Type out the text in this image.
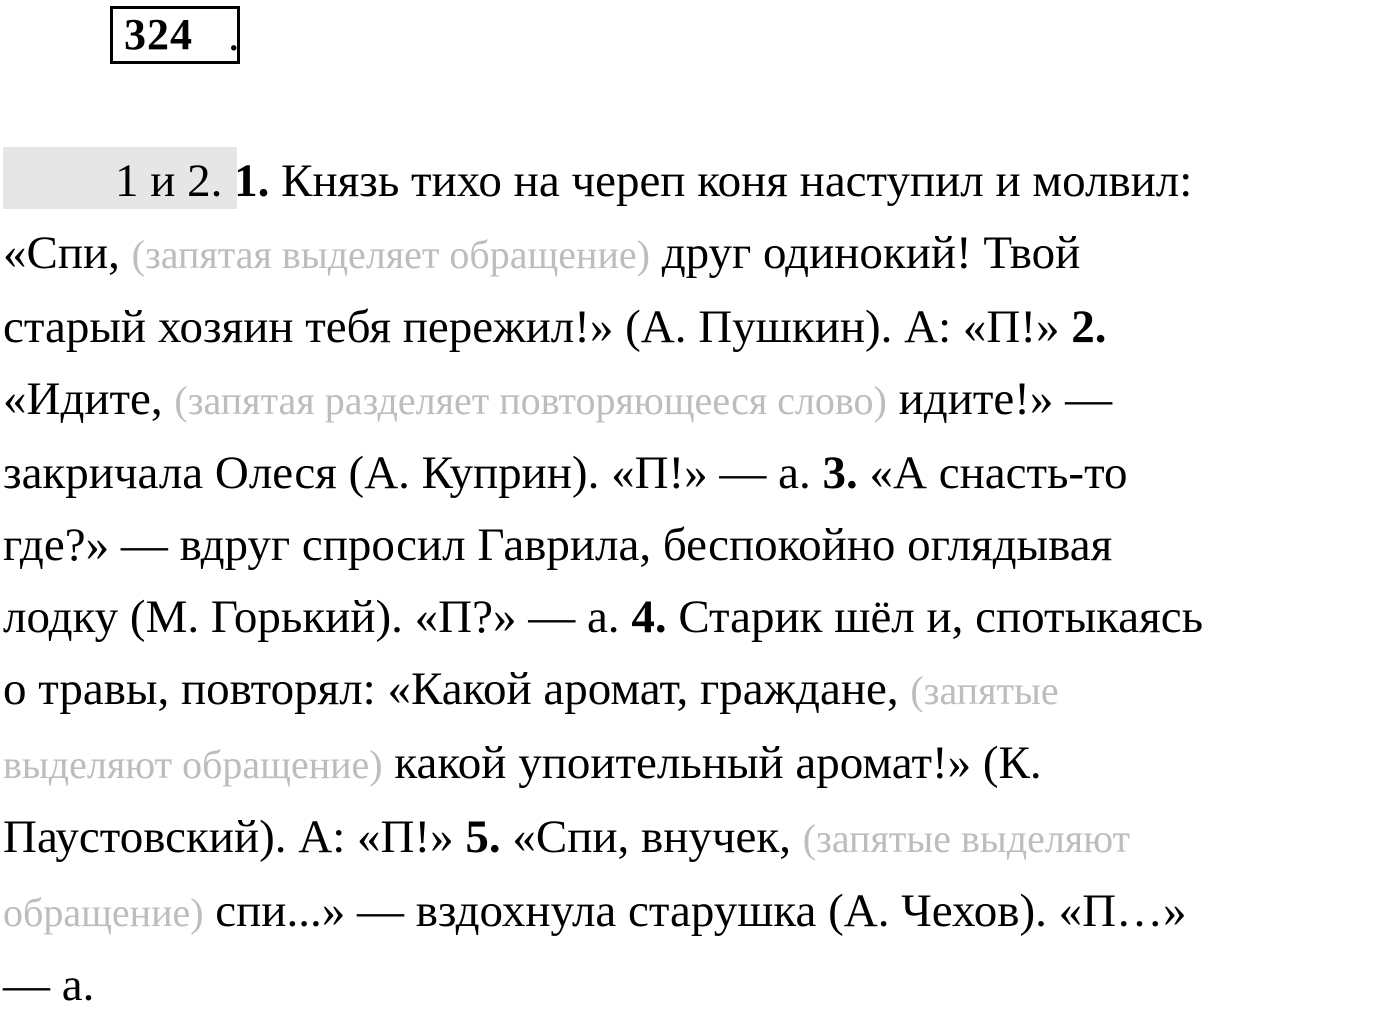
324 .
1 и 2. 1. Князь тихо на череп коня наступил и молвил:
«Спи, (запятая выделяет обращение) друг одинокий! Твой
старый хозяин тебя пережил!» (А. Пушкин). А: «П!» 2.
«Идите, (запятая разделяет повторяющееся слово) идите!» —
закричала Олеся (А. Куприн). «П!» — а. 3. «А снасть-то
где?» — вдруг спросил Гаврила, беспокойно оглядывая
лодку (М. Горький). «П?» — а. 4. Старик шёл и, спотыкаясь
о травы, повторял: «Какой аромат, граждане, (запятые
выделяют обращение) какой упоительный аромат!» (К.
Паустовский). А: «П!» 5. «Спи, внучек, (запятые выделяют
обращение) спи...» — вздохнула старушка (А. Чехов). «П…»
— а.
